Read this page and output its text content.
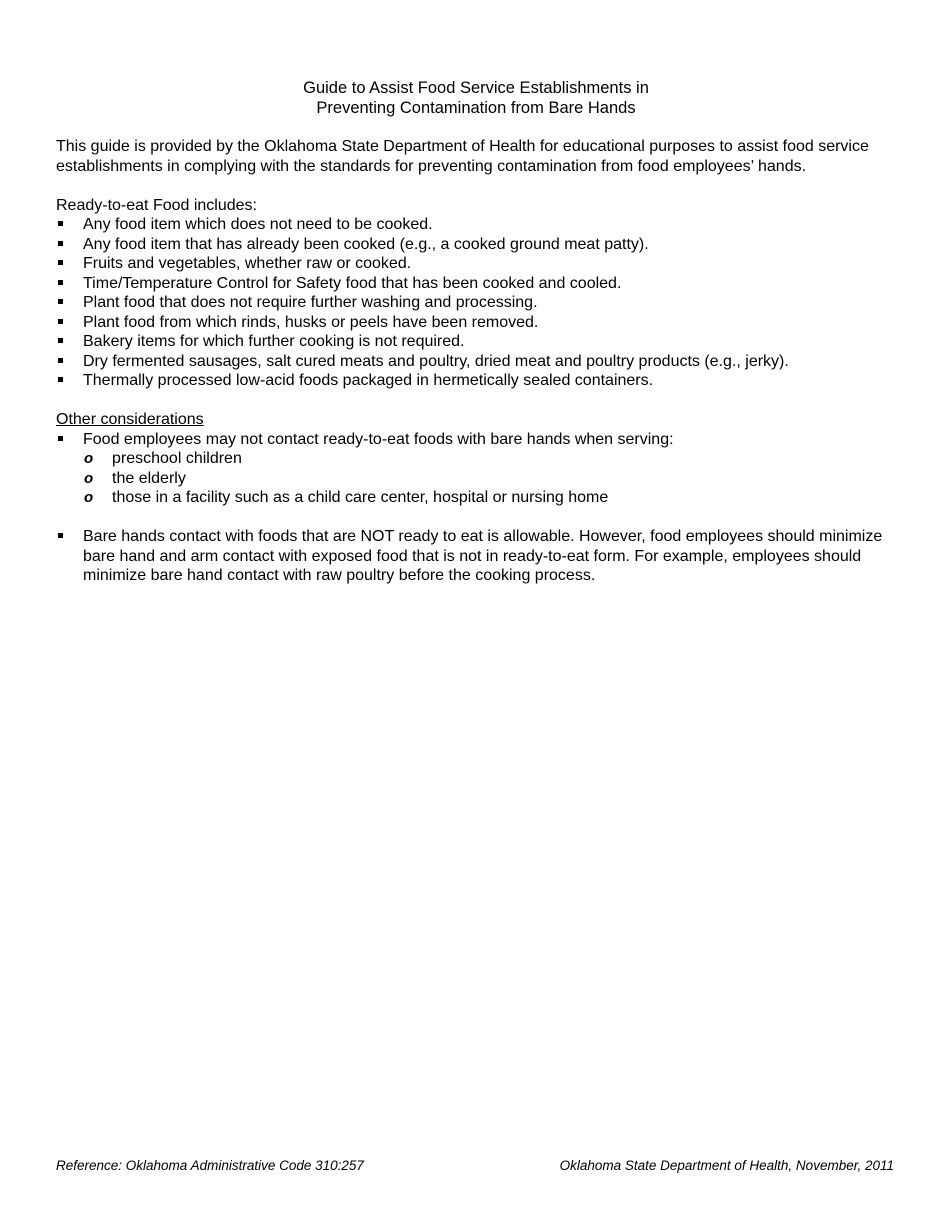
Guide to Assist Food Service Establishments in
Preventing Contamination from Bare Hands

This guide is provided by the Oklahoma State Department of Health for educational purposes to assist food service establishments in complying with the standards for preventing contamination from food employees’ hands.

Ready-to-eat Food includes:
Any food item which does not need to be cooked.
Any food item that has already been cooked (e.g., a cooked ground meat patty).
Fruits and vegetables, whether raw or cooked.
Time/Temperature Control for Safety food that has been cooked and cooled.
Plant food that does not require further washing and processing.
Plant food from which rinds, husks or peels have been removed.
Bakery items for which further cooking is not required.
Dry fermented sausages, salt cured meats and poultry, dried meat and poultry products (e.g., jerky).
Thermally processed low-acid foods packaged in hermetically sealed containers.
Other considerations
Food employees may not contact ready-to-eat foods with bare hands when serving:
o preschool children
o the elderly
o those in a facility such as a child care center, hospital or nursing home
Bare hands contact with foods that are NOT ready to eat is allowable. However, food employees should minimize bare hand and arm contact with exposed food that is not in ready-to-eat form. For example, employees should minimize bare hand contact with raw poultry before the cooking process.
Reference: Oklahoma Administrative Code 310:257	Oklahoma State Department of Health, November, 2011
